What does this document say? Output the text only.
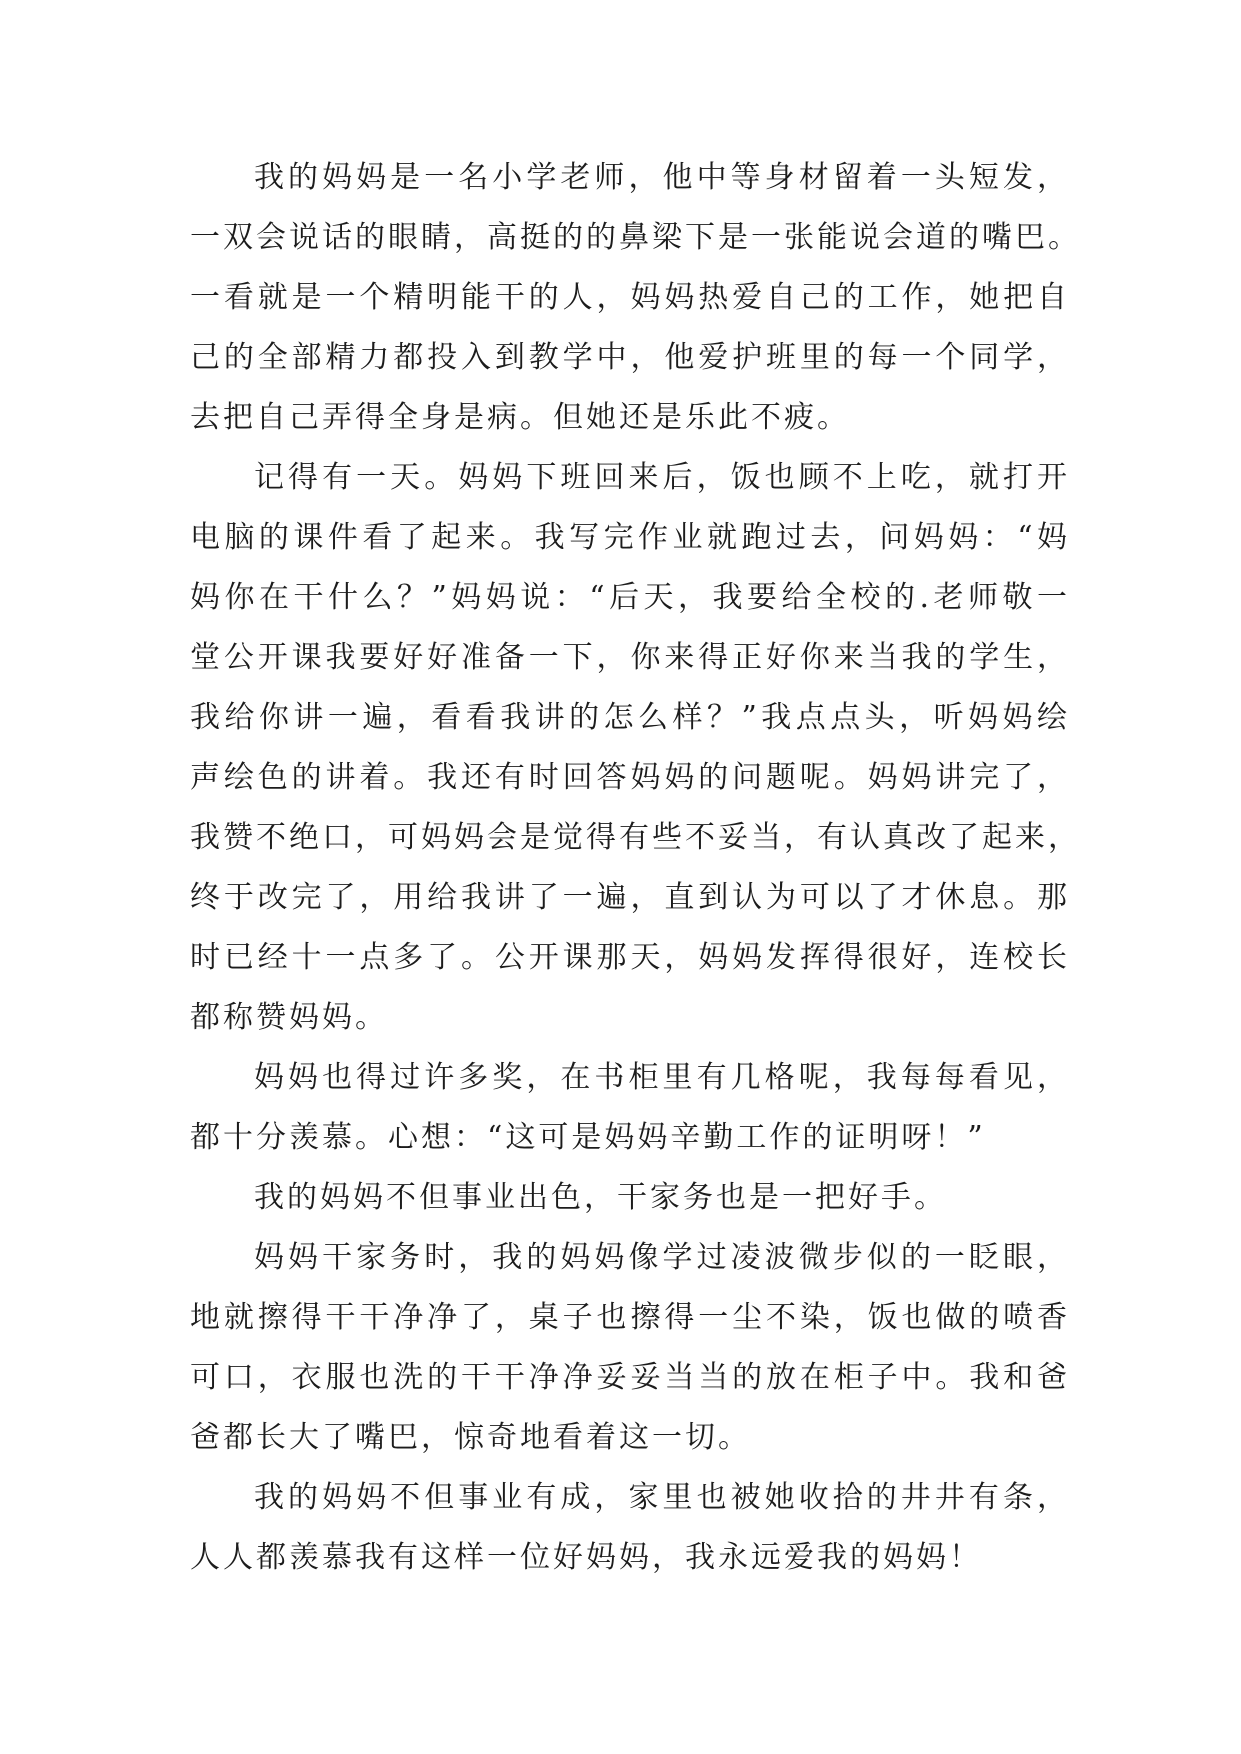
我的妈妈是一名小学老师，他中等身材留着一头短发，
一双会说话的眼睛，高挺的的鼻梁下是一张能说会道的嘴巴。
一看就是一个精明能干的人，妈妈热爱自己的工作，她把自
己的全部精力都投入到教学中，他爱护班里的每一个同学，
去把自己弄得全身是病。但她还是乐此不疲。
记得有一天。妈妈下班回来后，饭也顾不上吃，就打开
电脑的课件看了起来。我写完作业就跑过去，问妈妈：“妈
妈你在干什么？”妈妈说：“后天，我要给全校的.老师敬一
堂公开课我要好好准备一下，你来得正好你来当我的学生，
我给你讲一遍，看看我讲的怎么样？”我点点头，听妈妈绘
声绘色的讲着。我还有时回答妈妈的问题呢。妈妈讲完了，
我赞不绝口，可妈妈会是觉得有些不妥当，有认真改了起来，
终于改完了，用给我讲了一遍，直到认为可以了才休息。那
时已经十一点多了。公开课那天，妈妈发挥得很好，连校长
都称赞妈妈。
妈妈也得过许多奖，在书柜里有几格呢，我每每看见，
都十分羡慕。心想：“这可是妈妈辛勤工作的证明呀！”
我的妈妈不但事业出色，干家务也是一把好手。
妈妈干家务时，我的妈妈像学过凌波微步似的一眨眼，
地就擦得干干净净了，桌子也擦得一尘不染，饭也做的喷香
可口，衣服也洗的干干净净妥妥当当的放在柜子中。我和爸
爸都长大了嘴巴，惊奇地看着这一切。
我的妈妈不但事业有成，家里也被她收拾的井井有条，
人人都羡慕我有这样一位好妈妈，我永远爱我的妈妈！
